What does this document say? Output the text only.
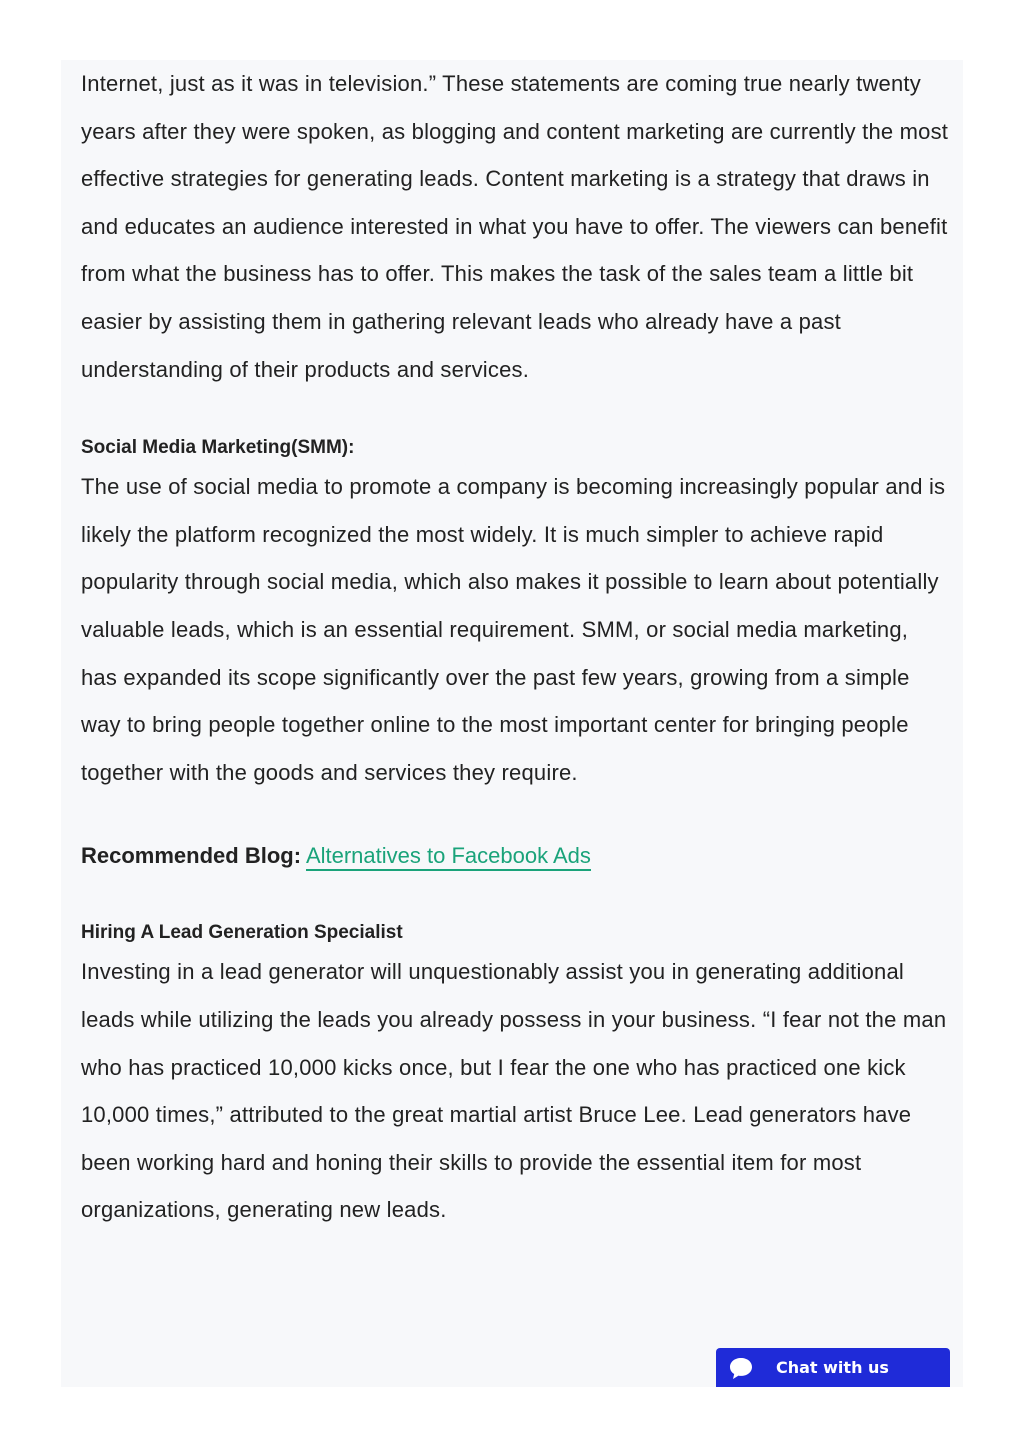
Internet, just as it was in television.” These statements are coming true nearly twenty years after they were spoken, as blogging and content marketing are currently the most effective strategies for generating leads. Content marketing is a strategy that draws in and educates an audience interested in what you have to offer. The viewers can benefit from what the business has to offer. This makes the task of the sales team a little bit easier by assisting them in gathering relevant leads who already have a past understanding of their products and services.

Social Media Marketing(SMM):

The use of social media to promote a company is becoming increasingly popular and is likely the platform recognized the most widely. It is much simpler to achieve rapid popularity through social media, which also makes it possible to learn about potentially valuable leads, which is an essential requirement. SMM, or social media marketing, has expanded its scope significantly over the past few years, growing from a simple way to bring people together online to the most important center for bringing people together with the goods and services they require.

Recommended Blog: Alternatives to Facebook Ads

Hiring A Lead Generation Specialist

Investing in a lead generator will unquestionably assist you in generating additional leads while utilizing the leads you already possess in your business. “I fear not the man who has practiced 10,000 kicks once, but I fear the one who has practiced one kick 10,000 times,” attributed to the great martial artist Bruce Lee. Lead generators have been working hard and honing their skills to provide the essential item for most organizations, generating new leads.

Chat with us
